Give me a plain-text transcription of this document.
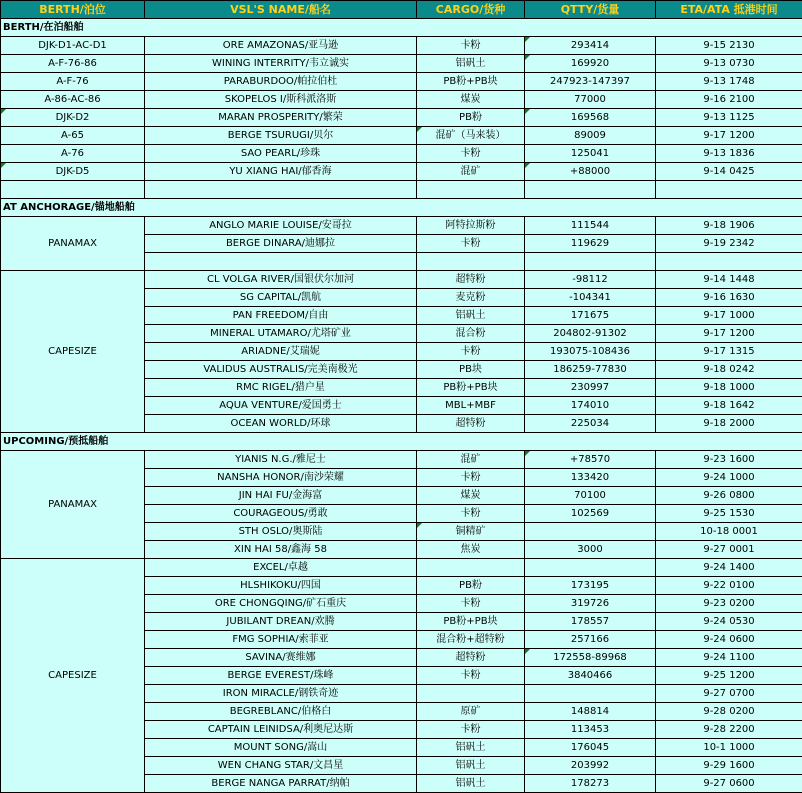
BERTH/泊位	VSL'S NAME/船名	CARGO/货种	QTTY/货量	ETA/ATA 抵港时间
BERTH/在泊船舶				
DJK-D1-AC-D1	ORE AMAZONAS/亚马逊	卡粉	293414	9-15 2130
A-F-76-86	WINING INTERRITY/韦立诚实	铝矾土	169920	9-13 0730
A-F-76	PARABURDOO/帕拉伯杜	PB粉+PB块	247923-147397	9-13 1748
A-86-AC-86	SKOPELOS I/斯科派洛斯	煤炭	77000	9-16 2100
DJK-D2	MARAN PROSPERITY/繁荣	PB粉	169568	9-13 1125
A-65	BERGE TSURUGI/贝尔	混矿（马来装）	89009	9-17 1200
A-76	SAO PEARL/珍珠	卡粉	125041	9-13 1836
DJK-D5	YU XIANG HAI/郁香海	混矿	+88000	9-14 0425

AT ANCHORAGE/锚地船舶				
PANAMAX	ANGLO MARIE LOUISE/安哥拉	阿特拉斯粉	111544	9-18 1906
	BERGE DINARA/迪娜拉	卡粉	119629	9-19 2342

CAPESIZE	CL VOLGA RIVER/国银伏尔加河	超特粉	-98112	9-14 1448
	SG CAPITAL/凯航	麦克粉	-104341	9-16 1630
	PAN FREEDOM/自由	铝矾土	171675	9-17 1000
	MINERAL UTAMARO/尤塔矿业	混合粉	204802-91302	9-17 1200
	ARIADNE/艾瑞妮	卡粉	193075-108436	9-17 1315
	VALIDUS AUSTRALIS/完美南极光	PB块	186259-77830	9-18 0242
	RMC RIGEL/猎户星	PB粉+PB块	230997	9-18 1000
	AQUA VENTURE/爱国勇士	MBL+MBF	174010	9-18 1642
	OCEAN WORLD/环球	超特粉	225034	9-18 2000
UPCOMING/预抵船舶				
PANAMAX	YIANIS N.G./雅尼士	混矿	+78570	9-23 1600
	NANSHA HONOR/南沙荣耀	卡粉	133420	9-24 1000
	JIN HAI FU/金海富	煤炭	70100	9-26 0800
	COURAGEOUS/勇敢	卡粉	102569	9-25 1530
	STH OSLO/奥斯陆	铜精矿		10-18 0001
	XIN HAI 58/鑫海 58	焦炭	3000	9-27 0001
CAPESIZE	EXCEL/卓越			9-24 1400
	HLSHIKOKU/四国	PB粉	173195	9-22 0100
	ORE CHONGQING/矿石重庆	卡粉	319726	9-23 0200
	JUBILANT DREAN/欢腾	PB粉+PB块	178557	9-24 0530
	FMG SOPHIA/索菲亚	混合粉+超特粉	257166	9-24 0600
	SAVINA/赛维娜	超特粉	172558-89968	9-24 1100
	BERGE EVEREST/珠峰	卡粉	3840466	9-25 1200
	IRON MIRACLE/钢铁奇迹			9-27 0700
	BEGREBLANC/伯格白	原矿	148814	9-28 0200
	CAPTAIN LEINIDSA/利奥尼达斯	卡粉	113453	9-28 2200
	MOUNT SONG/嵩山	铝矾土	176045	10-1 1000
	WEN CHANG STAR/文昌星	铝矾土	203992	9-29 1600
	BERGE NANGA PARRAT/纳帕	铝矾土	178273	9-27 0600
